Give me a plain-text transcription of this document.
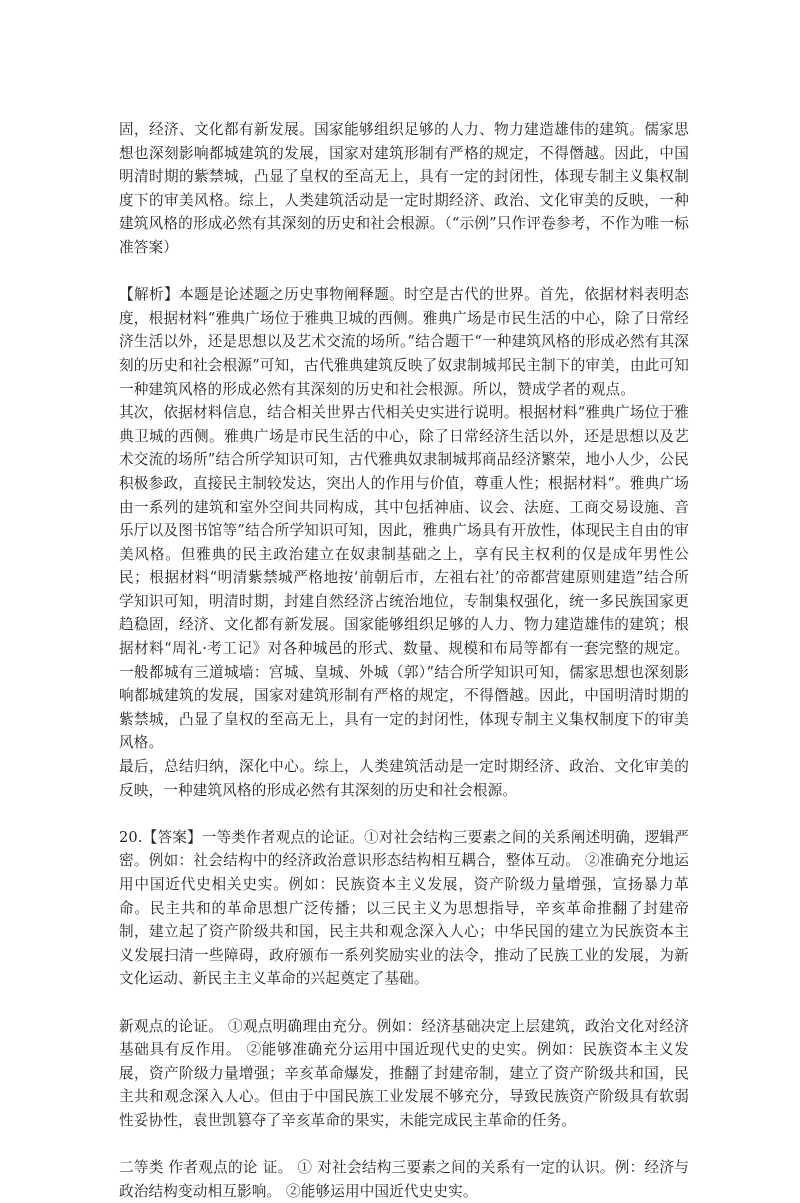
固，经济、文化都有新发展。国家能够组织足够的人力、物力建造雄伟的建筑。儒家思想也深刻影响都城建筑的发展，国家对建筑形制有严格的规定，不得僭越。因此，中国明清时期的紫禁城，凸显了皇权的至高无上，具有一定的封闭性，体现专制主义集权制度下的审美风格。综上，人类建筑活动是一定时期经济、政治、文化审美的反映，一种建筑风格的形成必然有其深刻的历史和社会根源。（“示例”只作评卷参考，不作为唯一标准答案）

【解析】本题是论述题之历史事物阐释题。时空是古代的世界。首先，依据材料表明态度，根据材料“雅典广场位于雅典卫城的西侧。雅典广场是市民生活的中心，除了日常经济生活以外，还是思想以及艺术交流的场所。”结合题干“一种建筑风格的形成必然有其深刻的历史和社会根源”可知，古代雅典建筑反映了奴隶制城邦民主制下的审美，由此可知一种建筑风格的形成必然有其深刻的历史和社会根源。所以，赞成学者的观点。

其次，依据材料信息，结合相关世界古代相关史实进行说明。根据材料“雅典广场位于雅典卫城的西侧。雅典广场是市民生活的中心，除了日常经济生活以外，还是思想以及艺术交流的场所”结合所学知识可知，古代雅典奴隶制城邦商品经济繁荣，地小人少，公民积极参政，直接民主制较发达，突出人的作用与价值，尊重人性；根据材料“。雅典广场由一系列的建筑和室外空间共同构成，其中包括神庙、议会、法庭、工商交易设施、音乐厅以及图书馆等”结合所学知识可知，因此，雅典广场具有开放性，体现民主自由的审美风格。但雅典的民主政治建立在奴隶制基础之上，享有民主权利的仅是成年男性公民；根据材料“明清紫禁城严格地按‘前朝后市，左祖右社’的帝都营建原则建造”结合所学知识可知，明清时期，封建自然经济占统治地位，专制集权强化，统一多民族国家更趋稳固，经济、文化都有新发展。国家能够组织足够的人力、物力建造雄伟的建筑；根据材料“周礼·考工记》对各种城邑的形式、数量、规模和布局等都有一套完整的规定。一般都城有三道城墙：宫城、皇城、外城（郭）”结合所学知识可知，儒家思想也深刻影响都城建筑的发展，国家对建筑形制有严格的规定，不得僭越。因此，中国明清时期的紫禁城，凸显了皇权的至高无上，具有一定的封闭性，体现专制主义集权制度下的审美风格。

最后，总结归纳，深化中心。综上，人类建筑活动是一定时期经济、政治、文化审美的反映，一种建筑风格的形成必然有其深刻的历史和社会根源。

20.【答案】一等类作者观点的论证。①对社会结构三要素之间的关系阐述明确，逻辑严密。例如：社会结构中的经济政治意识形态结构相互耦合，整体互动。 ②准确充分地运用中国近代史相关史实。例如：民族资本主义发展，资产阶级力量增强，宣扬暴力革命。民主共和的革命思想广泛传播；以三民主义为思想指导，辛亥革命推翻了封建帝制，建立起了资产阶级共和国，民主共和观念深入人心；中华民国的建立为民族资本主义发展扫清一些障碍，政府颁布一系列奖励实业的法令，推动了民族工业的发展，为新文化运动、新民主主义革命的兴起奠定了基础。

新观点的论证。 ①观点明确理由充分。例如：经济基础决定上层建筑，政治文化对经济基础具有反作用。 ②能够准确充分运用中国近现代史的史实。例如：民族资本主义发展，资产阶级力量增强；辛亥革命爆发，推翻了封建帝制，建立了资产阶级共和国，民主共和观念深入人心。但由于中国民族工业发展不够充分，导致民族资产阶级具有软弱性妥协性，袁世凯篡夺了辛亥革命的果实，未能完成民主革命的任务。

二等类 作者观点的论 证。 ① 对社会结构三要素之间的关系有一定的认识。例：经济与政治结构变动相互影响。 ②能够运用中国近代史史实。
